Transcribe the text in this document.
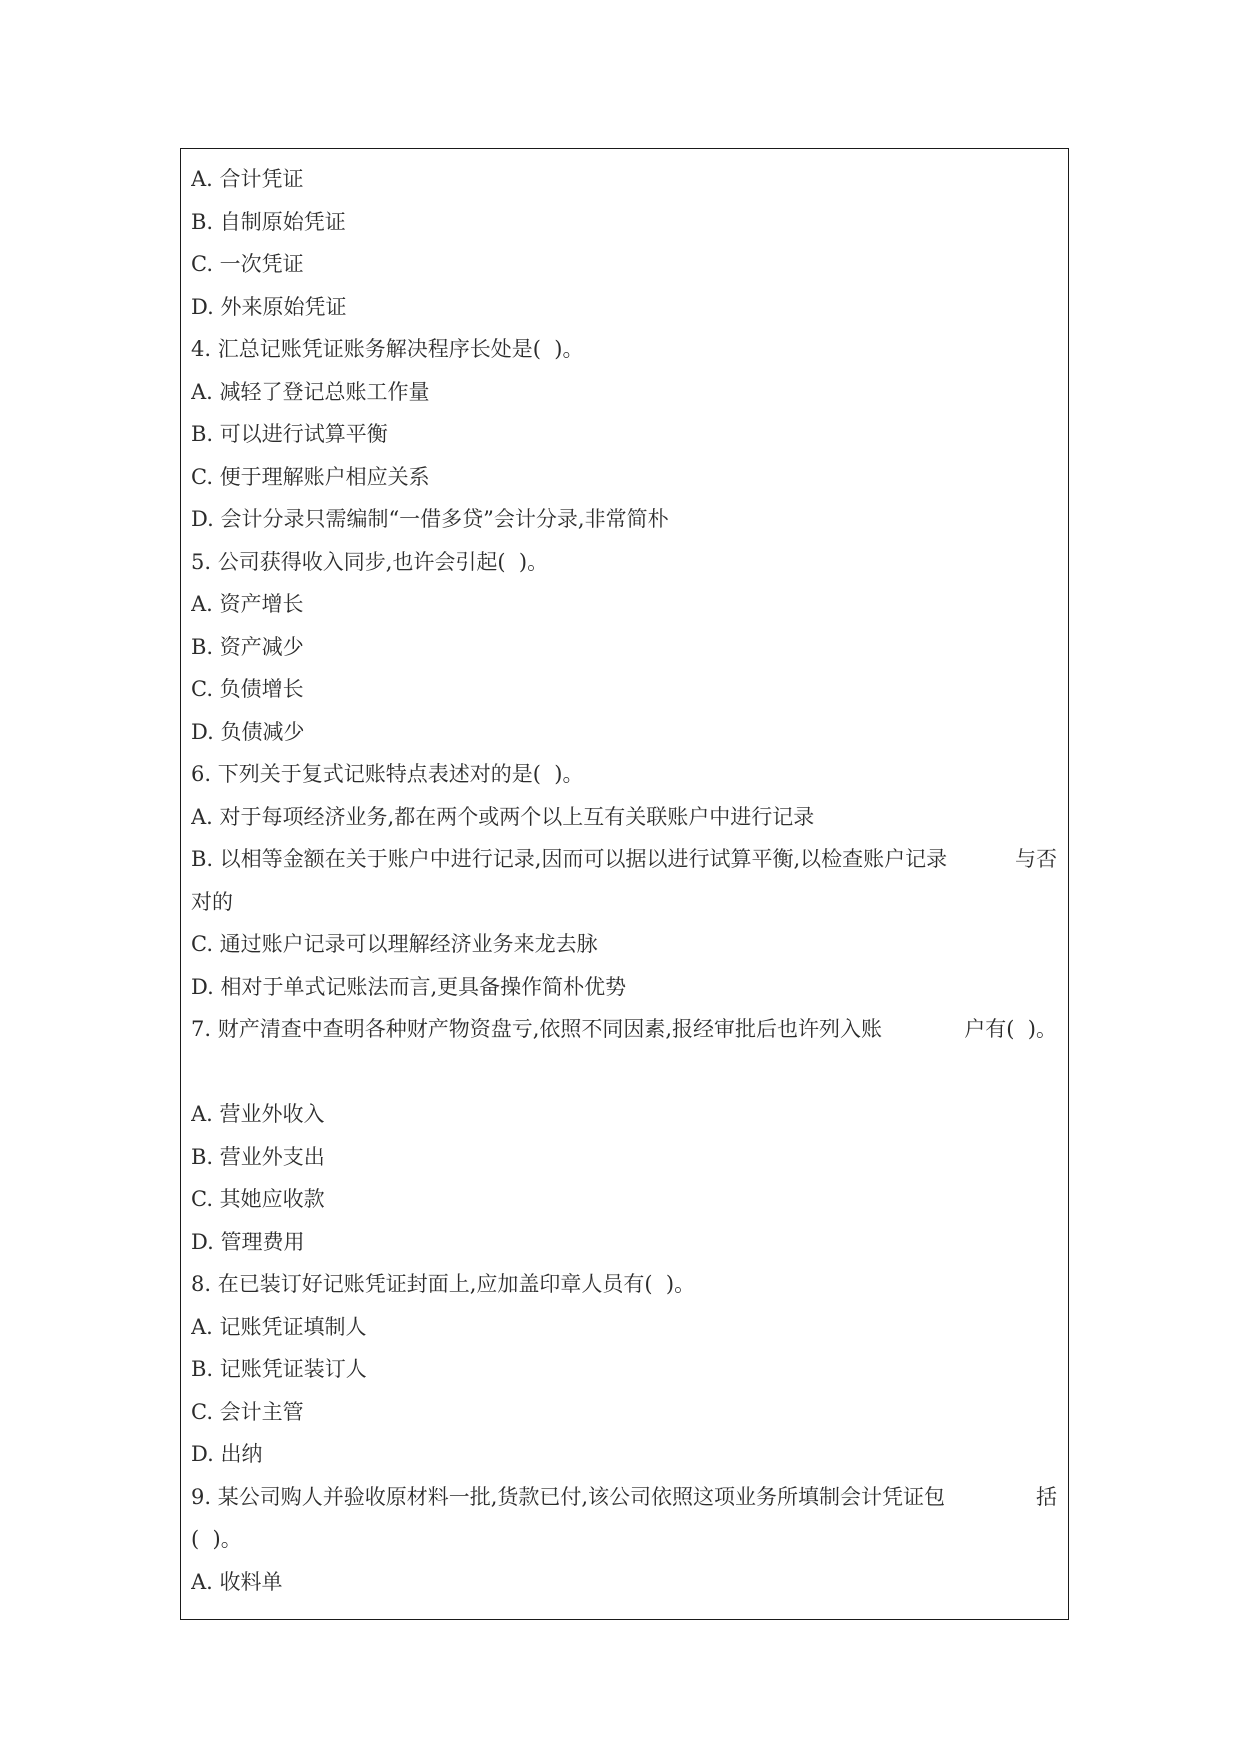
A. 合计凭证
B. 自制原始凭证
C. 一次凭证
D. 外来原始凭证
4. 汇总记账凭证账务解决程序长处是(  )。
A. 减轻了登记总账工作量
B. 可以进行试算平衡
C. 便于理解账户相应关系
D. 会计分录只需编制“一借多贷”会计分录,非常简朴
5. 公司获得收入同步,也许会引起(  )。
A. 资产增长
B. 资产减少
C. 负债增长
D. 负债减少
6. 下列关于复式记账特点表述对的是(  )。
A. 对于每项经济业务,都在两个或两个以上互有关联账户中进行记录
B. 以相等金额在关于账户中进行记录,因而可以据以进行试算平衡,以检查账户记录	与否
对的
C. 通过账户记录可以理解经济业务来龙去脉
D. 相对于单式记账法而言,更具备操作简朴优势
7. 财产清查中查明各种财产物资盘亏,依照不同因素,报经审批后也许列入账	户有(  )。
A. 营业外收入
B. 营业外支出
C. 其她应收款
D. 管理费用
8. 在已装订好记账凭证封面上,应加盖印章人员有(  )。
A. 记账凭证填制人
B. 记账凭证装订人
C. 会计主管
D. 出纳
9. 某公司购人并验收原材料一批,货款已付,该公司依照这项业务所填制会计凭证包	括
(  )。
A. 收料单
